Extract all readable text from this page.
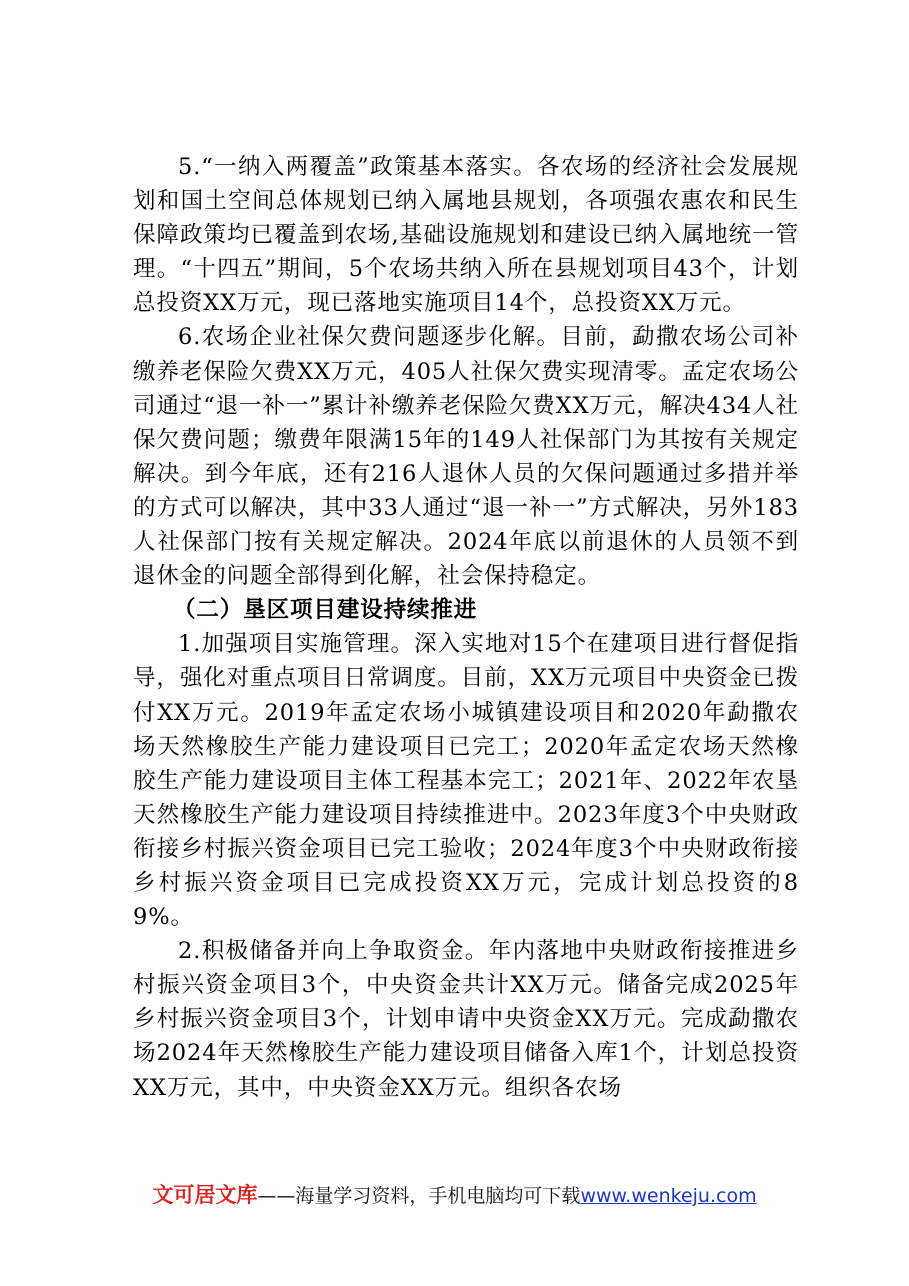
5.“一纳入两覆盖”政策基本落实。各农场的经济社会发展规划和国土空间总体规划已纳入属地县规划，各项强农惠农和民生保障政策均已覆盖到农场,基础设施规划和建设已纳入属地统一管理。“十四五”期间，5个农场共纳入所在县规划项目43个，计划总投资XX万元，现已落地实施项目14个，总投资XX万元。

6.农场企业社保欠费问题逐步化解。目前，勐撒农场公司补缴养老保险欠费XX万元，405人社保欠费实现清零。孟定农场公司通过“退一补一”累计补缴养老保险欠费XX万元，解决434人社保欠费问题；缴费年限满15年的149人社保部门为其按有关规定解决。到今年底，还有216人退休人员的欠保问题通过多措并举的方式可以解决，其中33人通过“退一补一”方式解决，另外183人社保部门按有关规定解决。2024年底以前退休的人员领不到退休金的问题全部得到化解，社会保持稳定。

（二）垦区项目建设持续推进

1.加强项目实施管理。深入实地对15个在建项目进行督促指导，强化对重点项目日常调度。目前，XX万元项目中央资金已拨付XX万元。2019年孟定农场小城镇建设项目和2020年勐撒农场天然橡胶生产能力建设项目已完工；2020年孟定农场天然橡胶生产能力建设项目主体工程基本完工；2021年、2022年农垦天然橡胶生产能力建设项目持续推进中。2023年度3个中央财政衔接乡村振兴资金项目已完工验收；2024年度3个中央财政衔接乡村振兴资金项目已完成投资XX万元，完成计划总投资的89%。

2.积极储备并向上争取资金。年内落地中央财政衔接推进乡村振兴资金项目3个，中央资金共计XX万元。储备完成2025年乡村振兴资金项目3个，计划申请中央资金XX万元。完成勐撒农场2024年天然橡胶生产能力建设项目储备入库1个，计划总投资XX万元，其中，中央资金XX万元。组织各农场

文可居文库——海量学习资料，手机电脑均可下载www.wenkeju.com
